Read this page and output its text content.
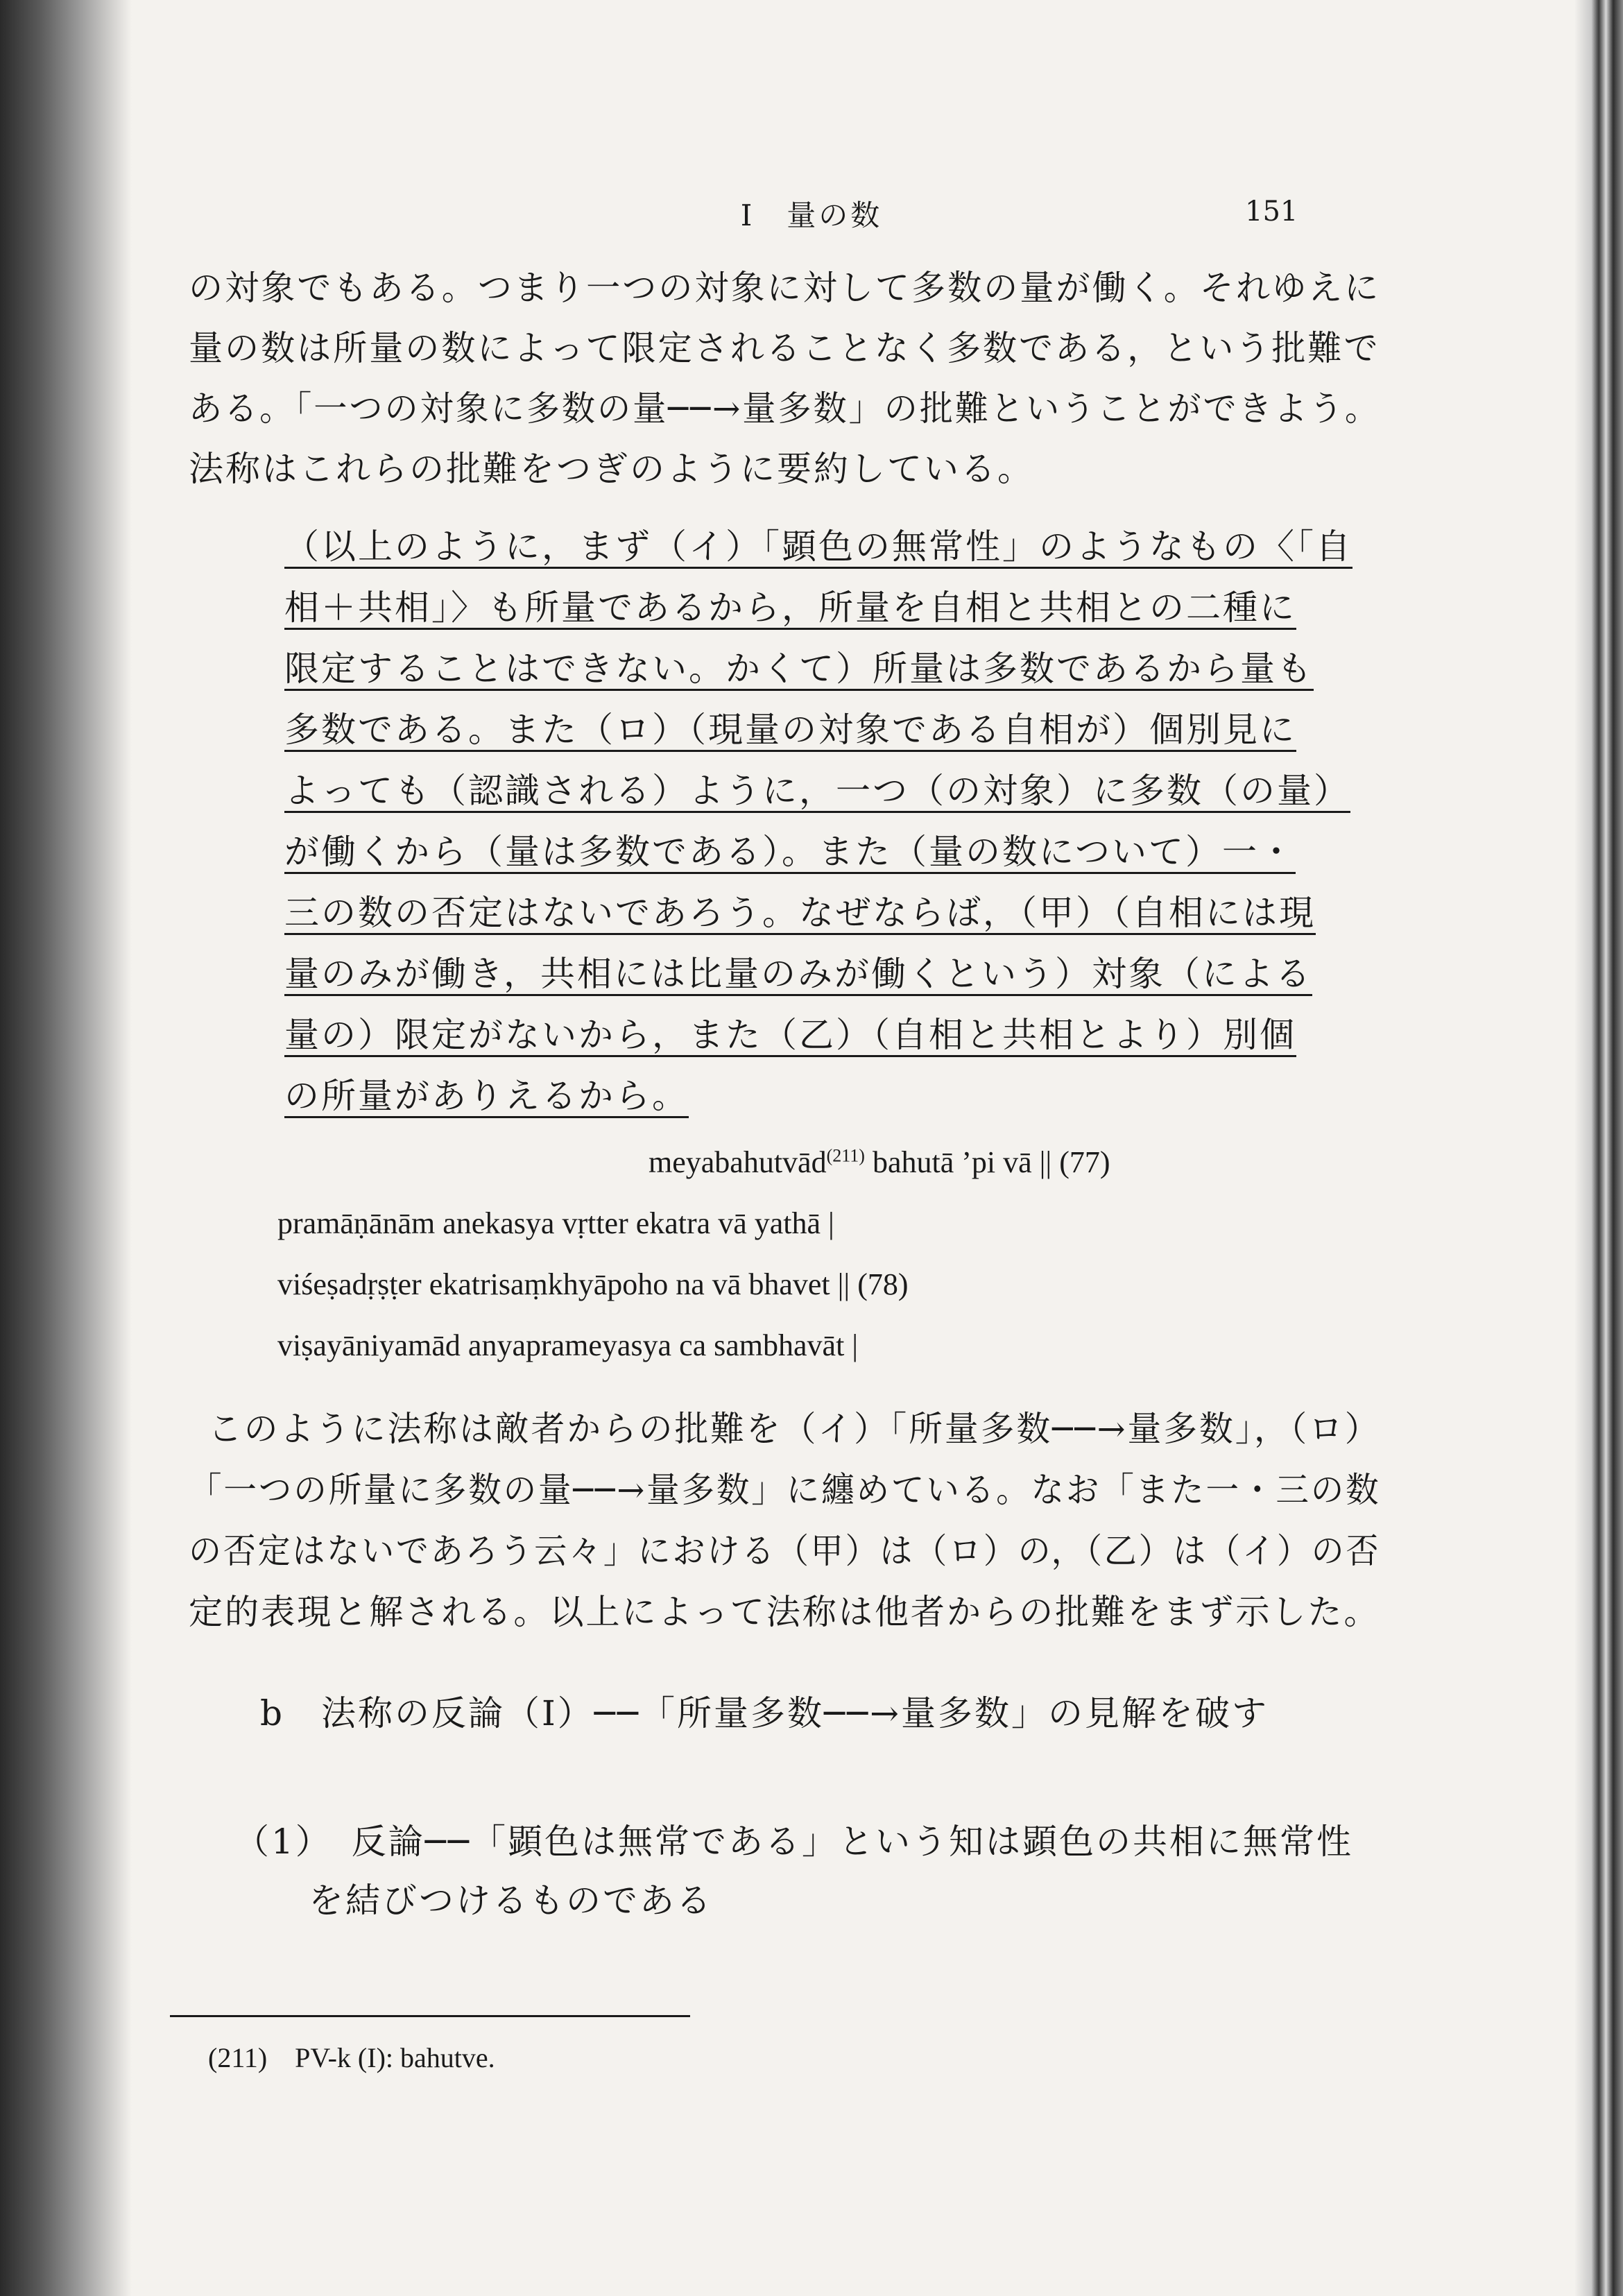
I　量の数	151
の対象でもある。つまり一つの対象に対して多数の量が働く。それゆえに
量の数は所量の数によって限定されることなく多数である，という批難で
ある。「一つの対象に多数の量──→量多数」の批難ということができよう。
法称はこれらの批難をつぎのように要約している。
（以上のように，まず（イ）「顕色の無常性」のようなもの〈「自
相＋共相」〉も所量であるから，所量を自相と共相との二種に
限定することはできない。かくて）所量は多数であるから量も
多数である。また（ロ）（現量の対象である自相が）個別見に
よっても（認識される）ように，一つ（の対象）に多数（の量）
が働くから（量は多数である）。また（量の数について）一・
三の数の否定はないであろう。なぜならば，（甲）（自相には現
量のみが働き，共相には比量のみが働くという）対象（による
量の）限定がないから，また（乙）（自相と共相とより）別個
の所量がありえるから。
meyabahutvād$^{(211)}$ bahutā ’pi vā || (77)
pramāṇānām anekasya vṛtter ekatra vā yathā |
viśeṣadṛṣṭer ekatrisaṃkhyāpoho na vā bhavet || (78)
viṣayāniyamād anyaprameyasya ca sambhavāt |
このように法称は敵者からの批難を（イ）「所量多数──→量多数」，（ロ）
「一つの所量に多数の量──→量多数」に纏めている。なお「また一・三の数
の否定はないであろう云々」における（甲）は（ロ）の，（乙）は（イ）の否
定的表現と解される。以上によって法称は他者からの批難をまず示した。
b　法称の反論（Ⅰ）──「所量多数──→量多数」の見解を破す
（1）　反論──「顕色は無常である」という知は顕色の共相に無常性
を結びつけるものである
(211)　PV-k (I): bahutve.
